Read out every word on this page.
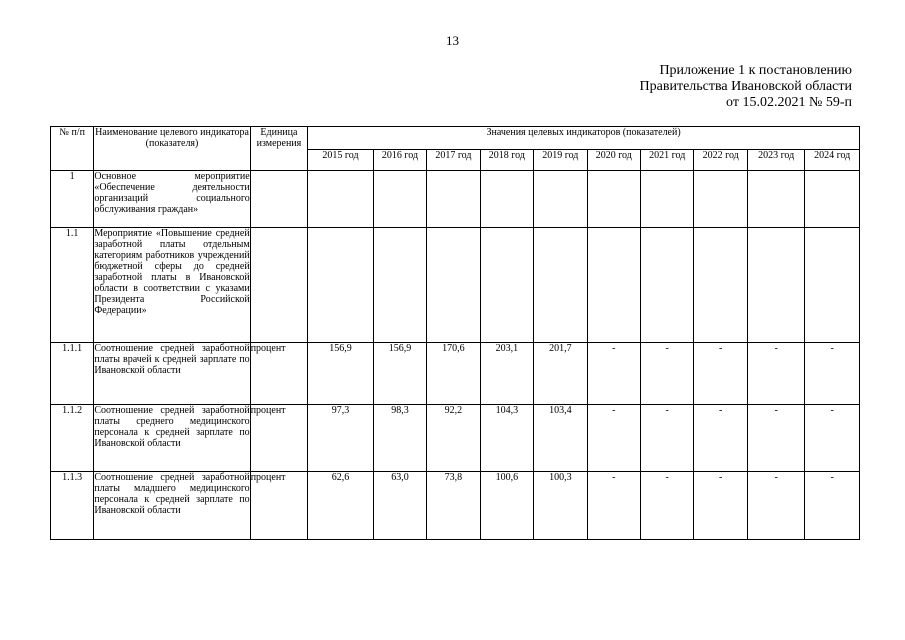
13
Приложение 1 к постановлению
Правительства Ивановской области
от 15.02.2021 № 59-п
№ п/п	Наименование целевого индикатора (показателя)	Единица измерения	Значения целевых индикаторов (показателей)									
			2015 год	2016 год	2017 год	2018 год	2019 год	2020 год	2021 год	2022 год	2023 год	2024 год
1	Основное мероприятие «Обеспечение деятельности организаций социального обслуживания граждан»											
1.1	Мероприятие «Повышение средней заработной платы отдельным категориям работников учреждений бюджетной сферы до средней заработной платы в Ивановской области в соответствии с указами Президента Российской Федерации»											
1.1.1	Соотношение средней заработной платы врачей к средней зарплате по Ивановской области	процент	156,9	156,9	170,6	203,1	201,7	-	-	-	-	-
1.1.2	Соотношение средней заработной платы среднего медицинского персонала к средней зарплате по Ивановской области	процент	97,3	98,3	92,2	104,3	103,4	-	-	-	-	-
1.1.3	Соотношение средней заработной платы младшего медицинского персонала к средней зарплате по Ивановской области	процент	62,6	63,0	73,8	100,6	100,3	-	-	-	-	-
